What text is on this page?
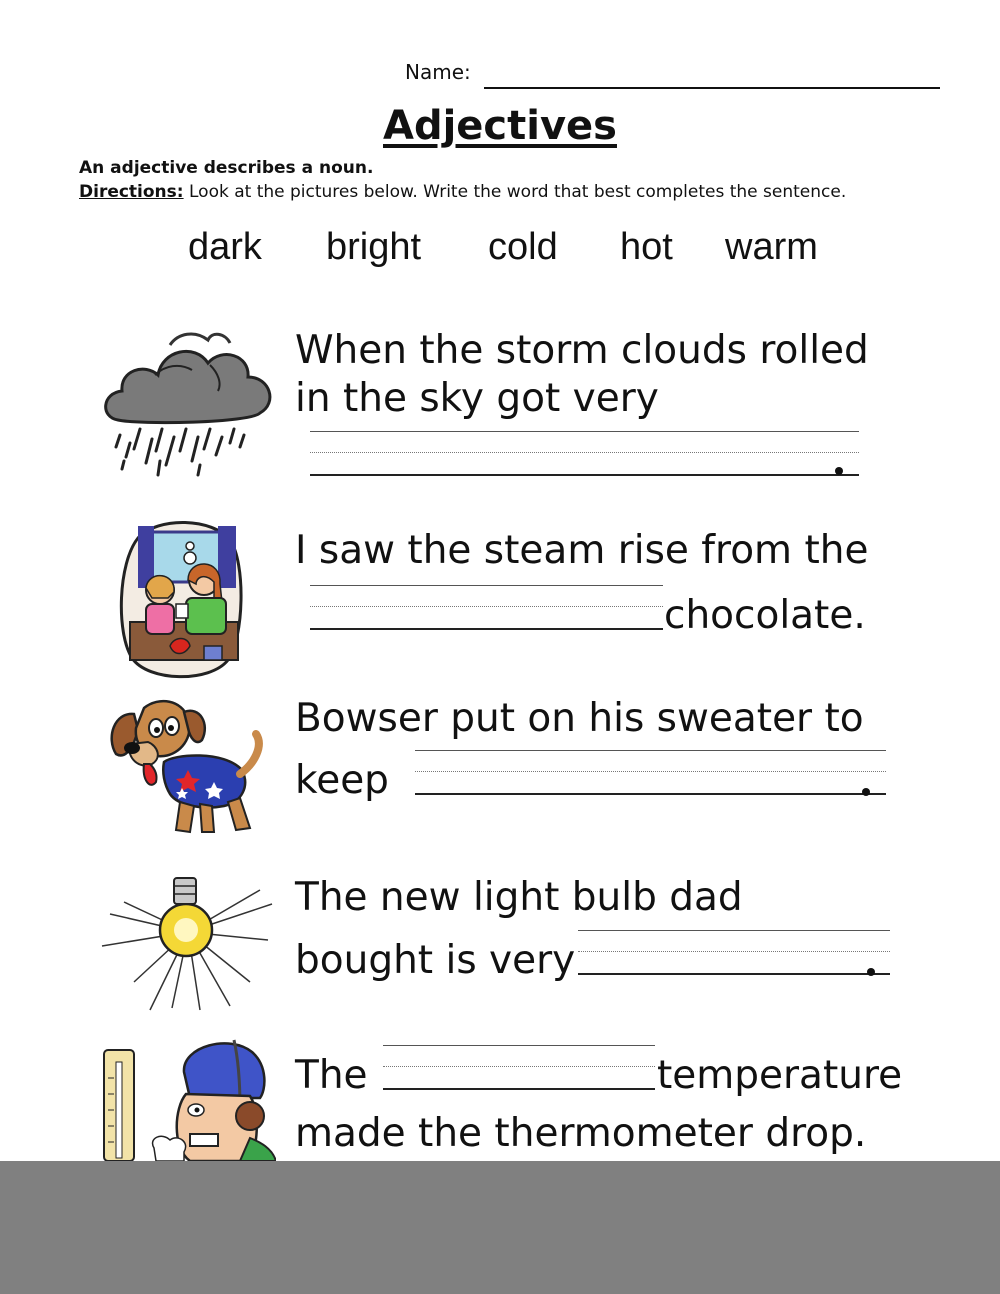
Name:
Adjectives
An adjective describes a noun.
Directions: Look at the pictures below. Write the word that best completes the sentence.
dark bright cold hot warm
When the storm clouds rolled
in the sky got very
I saw the steam rise from the
chocolate.
Bowser put on his sweater to
keep
The new light bulb dad
bought is very
The	temperature
made the thermometer drop.
